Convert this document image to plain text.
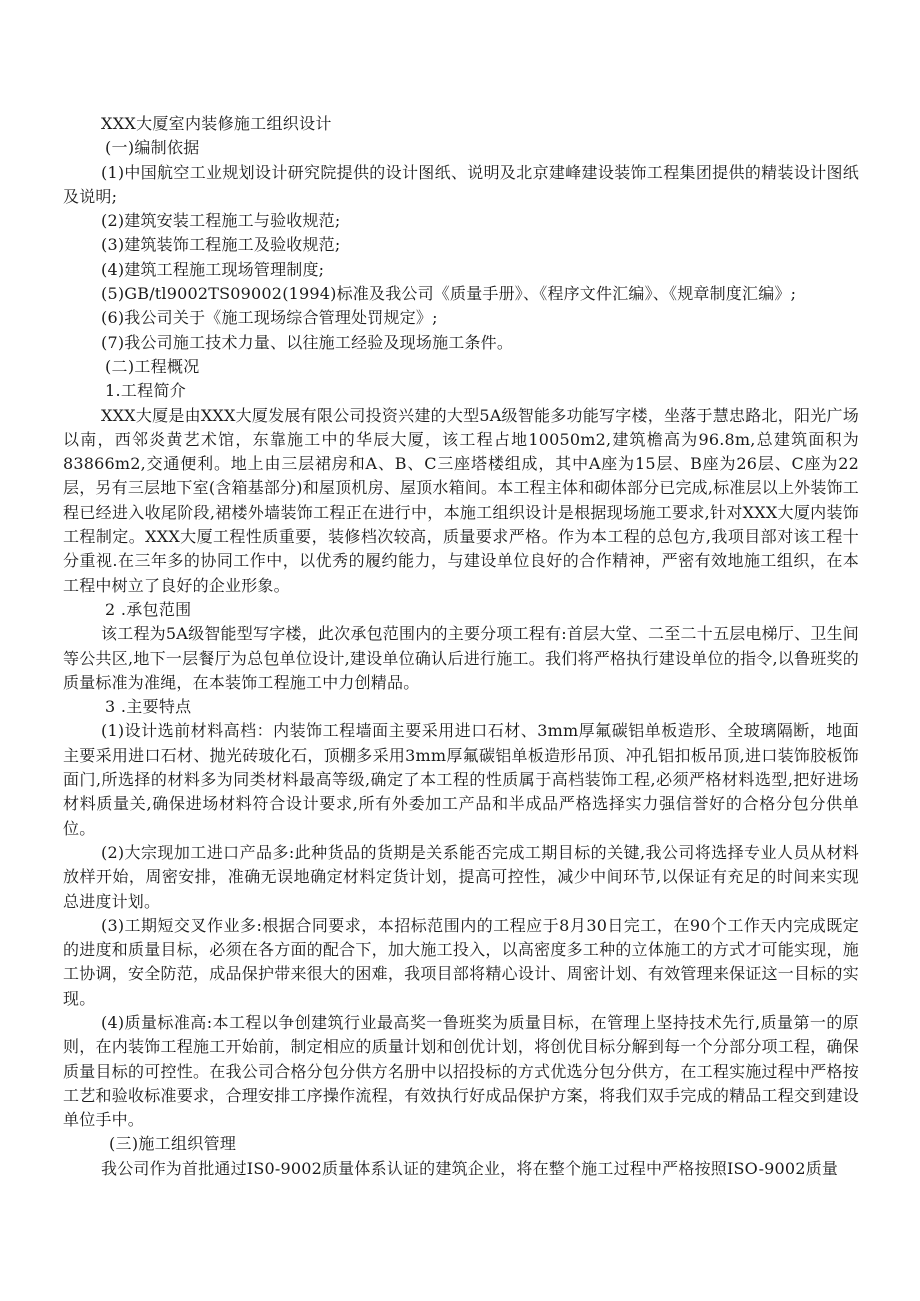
XXX大厦室内装修施工组织设计

(一)编制依据

(1)中国航空工业规划设计研究院提供的设计图纸、说明及北京建峰建设装饰工程集团提供的精装设计图纸及说明;

(2)建筑安装工程施工与验收规范;

(3)建筑装饰工程施工及验收规范;

(4)建筑工程施工现场管理制度;

(5)GB/tl9002TS09002(1994)标准及我公司《质量手册》、《程序文件汇编》、《规章制度汇编》;

(6)我公司关于《施工现场综合管理处罚规定》;

(7)我公司施工技术力量、以往施工经验及现场施工条件。

(二)工程概况

1.工程简介

XXX大厦是由XXX大厦发展有限公司投资兴建的大型5A级智能多功能写字楼，坐落于慧忠路北，阳光广场以南，西邻炎黄艺术馆，东靠施工中的华辰大厦，该工程占地10050m2,建筑檐高为96.8m,总建筑面积为83866m2,交通便利。地上由三层裙房和A、B、C三座塔楼组成，其中A座为15层、B座为26层、C座为22层，另有三层地下室(含箱基部分)和屋顶机房、屋顶水箱间。本工程主体和砌体部分已完成,标准层以上外装饰工程已经进入收尾阶段,裙楼外墙装饰工程正在进行中，本施工组织设计是根据现场施工要求,针对XXX大厦内装饰工程制定。XXX大厦工程性质重要，装修档次较高，质量要求严格。作为本工程的总包方,我项目部对该工程十分重视.在三年多的协同工作中，以优秀的履约能力，与建设单位良好的合作精神，严密有效地施工组织，在本工程中树立了良好的企业形象。

2 .承包范围

该工程为5A级智能型写字楼，此次承包范围内的主要分项工程有:首层大堂、二至二十五层电梯厅、卫生间等公共区,地下一层餐厅为总包单位设计,建设单位确认后进行施工。我们将严格执行建设单位的指令,以鲁班奖的质量标准为准绳，在本装饰工程施工中力创精品。

3 .主要特点

(1)设计选前材料高档：内装饰工程墙面主要采用进口石材、3mm厚氟碳铝单板造形、全玻璃隔断，地面主要采用进口石材、抛光砖玻化石，顶棚多采用3mm厚氟碳铝单板造形吊顶、冲孔铝扣板吊顶,进口装饰胶板饰面门,所选择的材料多为同类材料最高等级,确定了本工程的性质属于高档装饰工程,必须严格材料选型,把好进场材料质量关,确保进场材料符合设计要求,所有外委加工产品和半成品严格选择实力强信誉好的合格分包分供单位。

(2)大宗现加工进口产品多:此种货品的货期是关系能否完成工期目标的关键,我公司将选择专业人员从材料放样开始，周密安排，准确无误地确定材料定货计划，提高可控性，减少中间环节,以保证有充足的时间来实现总进度计划。

(3)工期短交叉作业多:根据合同要求，本招标范围内的工程应于8月30日完工，在90个工作天内完成既定的进度和质量目标，必须在各方面的配合下，加大施工投入，以高密度多工种的立体施工的方式才可能实现，施工协调，安全防范，成品保护带来很大的困难，我项目部将精心设计、周密计划、有效管理来保证这一目标的实现。

(4)质量标准高:本工程以争创建筑行业最高奖一鲁班奖为质量目标，在管理上坚持技术先行,质量第一的原则，在内装饰工程施工开始前，制定相应的质量计划和创优计划，将创优目标分解到每一个分部分项工程，确保质量目标的可控性。在我公司合格分包分供方名册中以招投标的方式优选分包分供方，在工程实施过程中严格按工艺和验收标准要求，合理安排工序操作流程，有效执行好成品保护方案，将我们双手完成的精品工程交到建设单位手中。

(三)施工组织管理

我公司作为首批通过IS0-9002质量体系认证的建筑企业，将在整个施工过程中严格按照ISO-9002质量
